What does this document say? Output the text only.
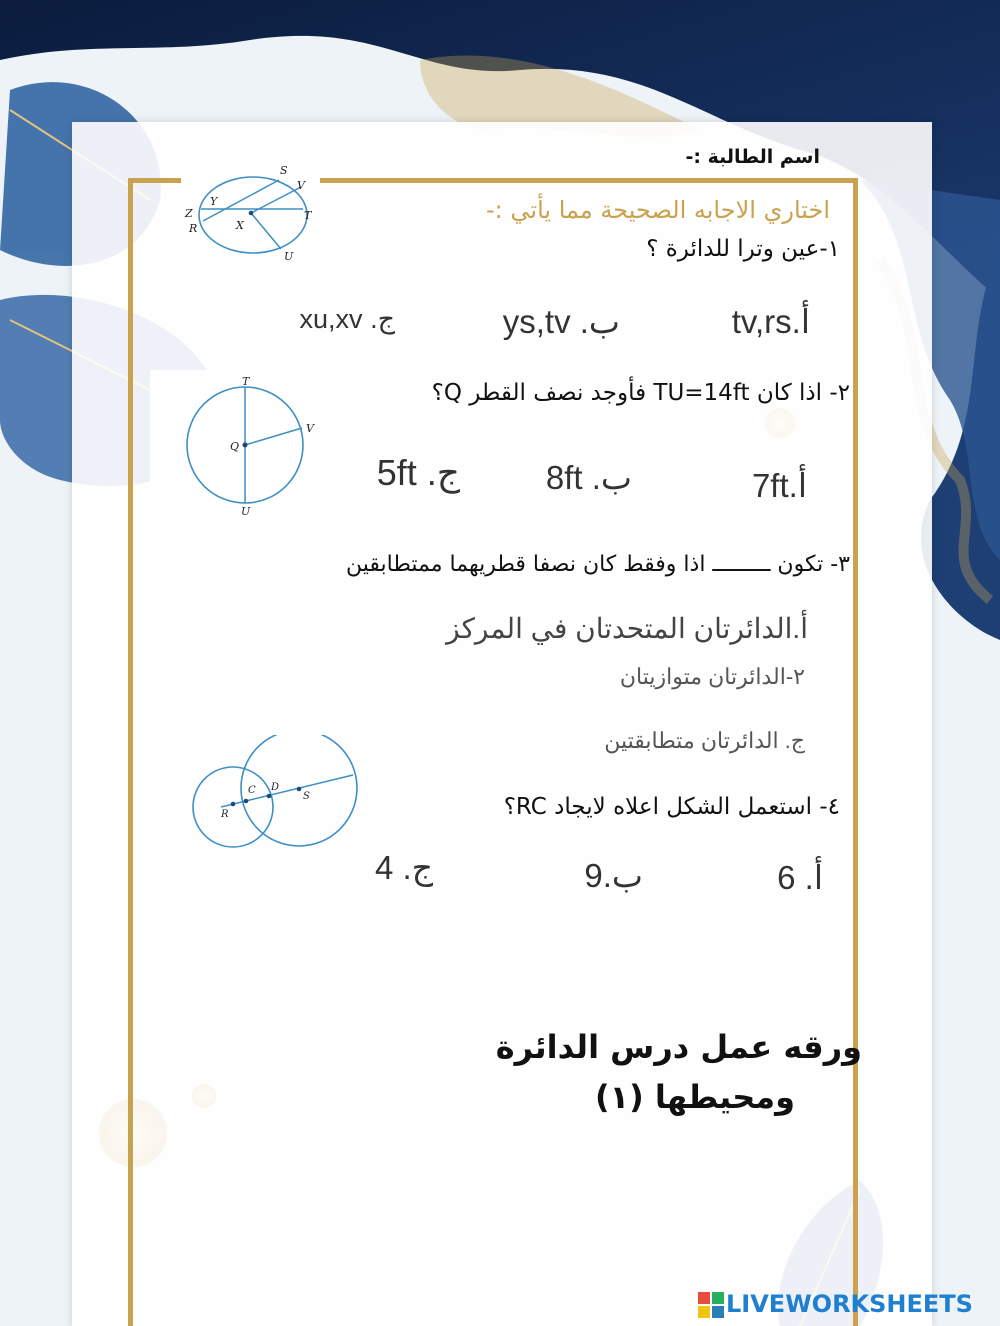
اسم الطالبة :-
اختاري الاجابه الصحيحة مما يأتي :-
S
V
Z
Y
T
R	X
U	١-عين وترا للدائرة ؟
أ.tv,rs
ب. ys,tv
ج. xu,xv
T
V
Q
U
٢- اذا كان TU=14ft فأوجد نصف القطر Q؟
أ.7ft
ب. 8ft
ج. 5ft
٣- تكون ـــــــــ اذا وفقط كان نصفا قطريهما ممتطابقين
أ.الدائرتان المتحدتان في المركز
٢-الدائرتان متوازيتان
ج. الدائرتان متطابقتين
C D
S
R	٤- استعمل الشكل اعلاه لايجاد RC؟
أ. 6
ب.9
ج. 4
ورقه عمل درس الدائرة
ومحيطها (١)
LIVEWORKSHEETS
